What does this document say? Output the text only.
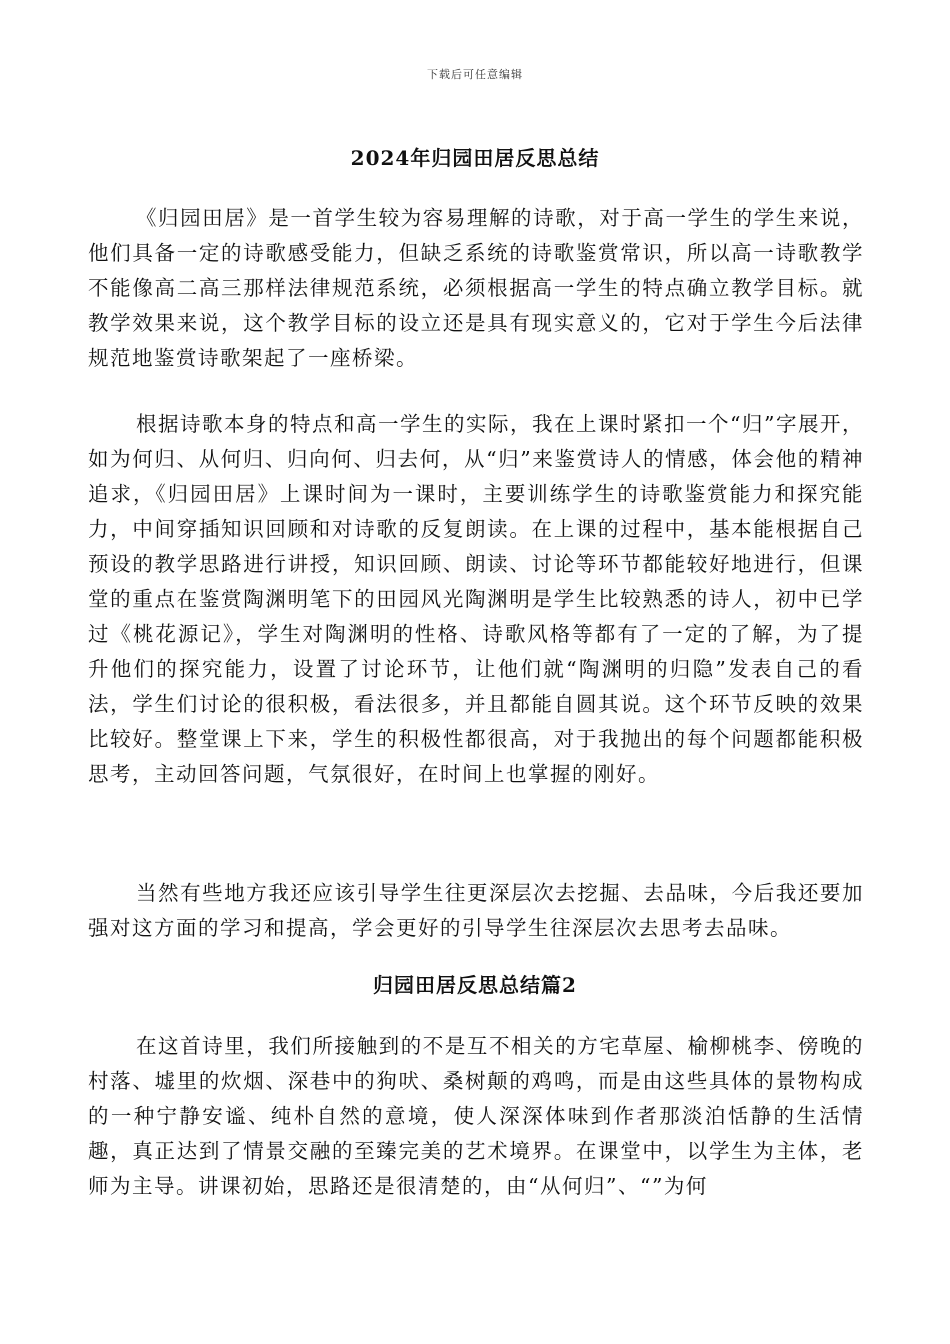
下载后可任意编辑
2024年归园田居反思总结

《归园田居》是一首学生较为容易理解的诗歌，对于高一学生的学生来说，他们具备一定的诗歌感受能力，但缺乏系统的诗歌鉴赏常识，所以高一诗歌教学不能像高二高三那样法律规范系统，必须根据高一学生的特点确立教学目标。就教学效果来说，这个教学目标的设立还是具有现实意义的，它对于学生今后法律规范地鉴赏诗歌架起了一座桥梁。

根据诗歌本身的特点和高一学生的实际，我在上课时紧扣一个“归”字展开，如为何归、从何归、归向何、归去何，从“归”来鉴赏诗人的情感，体会他的精神追求，《归园田居》上课时间为一课时，主要训练学生的诗歌鉴赏能力和探究能力，中间穿插知识回顾和对诗歌的反复朗读。在上课的过程中，基本能根据自己预设的教学思路进行讲授，知识回顾、朗读、讨论等环节都能较好地进行，但课堂的重点在鉴赏陶渊明笔下的田园风光陶渊明是学生比较熟悉的诗人，初中已学过《桃花源记》，学生对陶渊明的性格、诗歌风格等都有了一定的了解，为了提升他们的探究能力，设置了讨论环节，让他们就“陶渊明的归隐”发表自己的看法，学生们讨论的很积极，看法很多，并且都能自圆其说。这个环节反映的效果比较好。整堂课上下来，学生的积极性都很高，对于我抛出的每个问题都能积极思考，主动回答问题，气氛很好，在时间上也掌握的刚好。

当然有些地方我还应该引导学生往更深层次去挖掘、去品味，今后我还要加强对这方面的学习和提高，学会更好的引导学生往深层次去思考去品味。

归园田居反思总结篇2

在这首诗里，我们所接触到的不是互不相关的方宅草屋、榆柳桃李、傍晚的村落、墟里的炊烟、深巷中的狗吠、桑树颠的鸡鸣，而是由这些具体的景物构成的一种宁静安谧、纯朴自然的意境，使人深深体味到作者那淡泊恬静的生活情趣，真正达到了情景交融的至臻完美的艺术境界。在课堂中，以学生为主体，老师为主导。讲课初始，思路还是很清楚的，由“从何归”、“”为何
